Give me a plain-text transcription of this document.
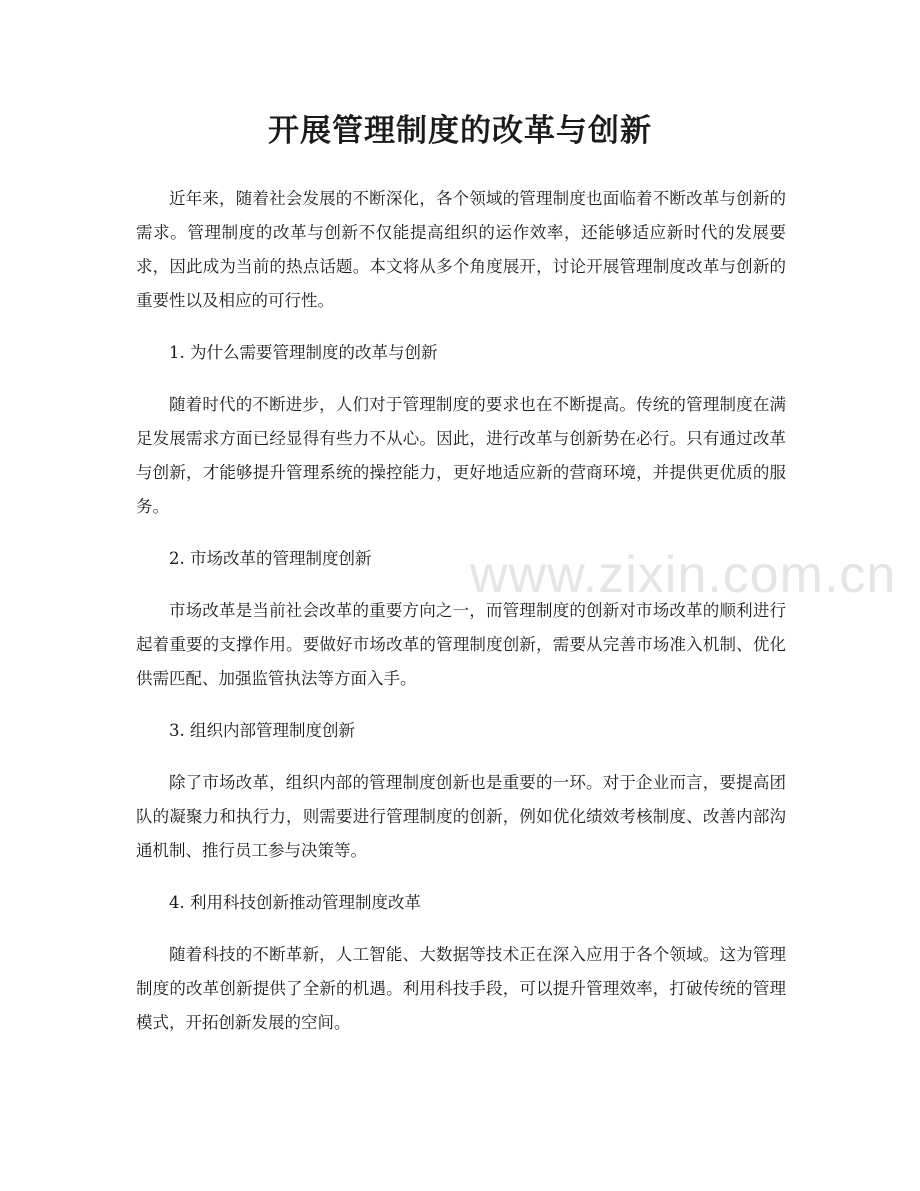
开展管理制度的改革与创新

近年来，随着社会发展的不断深化，各个领域的管理制度也面临着不断改革与创新的需求。管理制度的改革与创新不仅能提高组织的运作效率，还能够适应新时代的发展要求，因此成为当前的热点话题。本文将从多个角度展开，讨论开展管理制度改革与创新的重要性以及相应的可行性。

1. 为什么需要管理制度的改革与创新

随着时代的不断进步，人们对于管理制度的要求也在不断提高。传统的管理制度在满足发展需求方面已经显得有些力不从心。因此，进行改革与创新势在必行。只有通过改革与创新，才能够提升管理系统的操控能力，更好地适应新的营商环境，并提供更优质的服务。

2. 市场改革的管理制度创新

市场改革是当前社会改革的重要方向之一，而管理制度的创新对市场改革的顺利进行起着重要的支撑作用。要做好市场改革的管理制度创新，需要从完善市场准入机制、优化供需匹配、加强监管执法等方面入手。

3. 组织内部管理制度创新

除了市场改革，组织内部的管理制度创新也是重要的一环。对于企业而言，要提高团队的凝聚力和执行力，则需要进行管理制度的创新，例如优化绩效考核制度、改善内部沟通机制、推行员工参与决策等。

4. 利用科技创新推动管理制度改革

随着科技的不断革新，人工智能、大数据等技术正在深入应用于各个领域。这为管理制度的改革创新提供了全新的机遇。利用科技手段，可以提升管理效率，打破传统的管理模式，开拓创新发展的空间。

www.zixin.com.cn
